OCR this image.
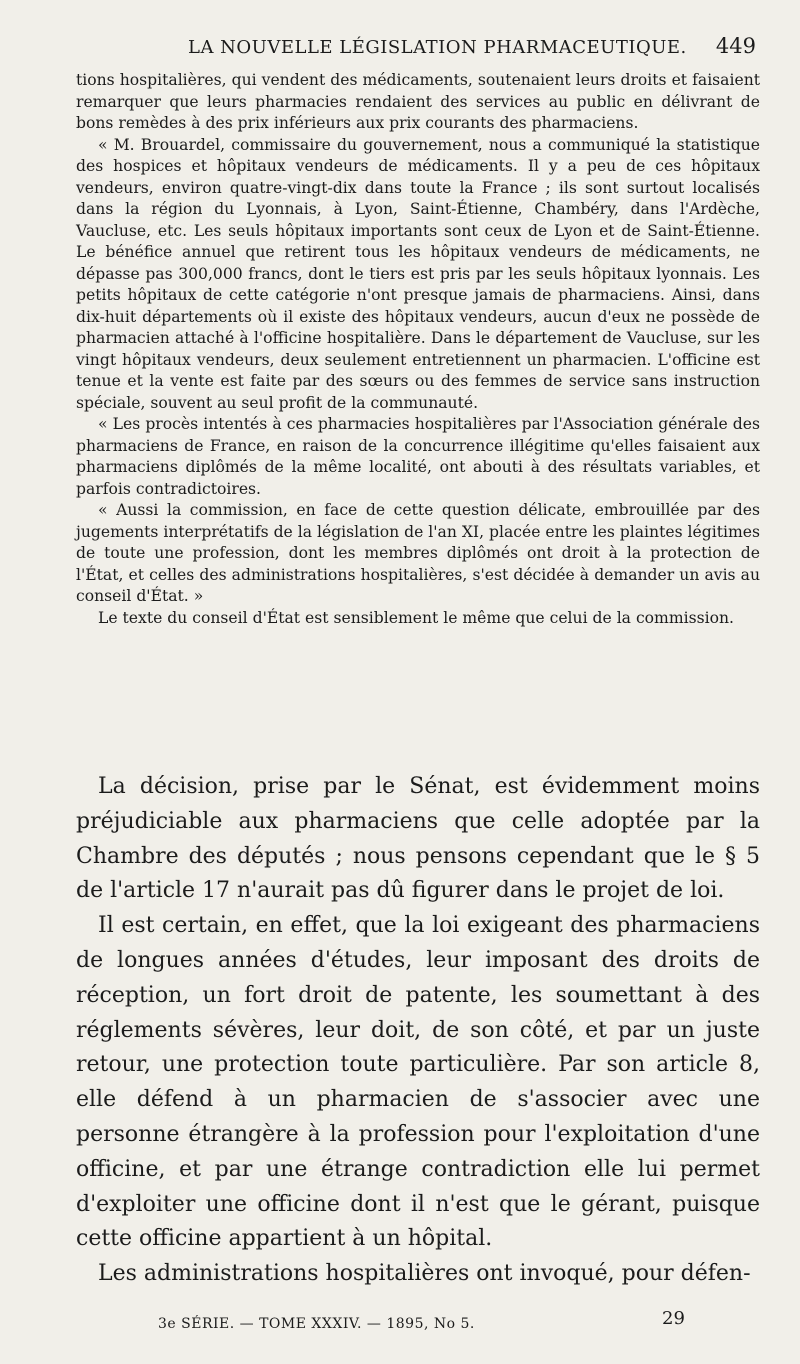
LA NOUVELLE LÉGISLATION PHARMACEUTIQUE. 449

tions hospitalières, qui vendent des médicaments, soutenaient leurs droits et faisaient remarquer que leurs pharmacies rendaient des services au public en délivrant de bons remèdes à des prix inférieurs aux prix courants des pharmaciens.

« M. Brouardel, commissaire du gouvernement, nous a communiqué la statistique des hospices et hôpitaux vendeurs de médicaments. Il y a peu de ces hôpitaux vendeurs, environ quatre-vingt-dix dans toute la France ; ils sont surtout localisés dans la région du Lyonnais, à Lyon, Saint-Étienne, Chambéry, dans l'Ardèche, Vaucluse, etc. Les seuls hôpitaux importants sont ceux de Lyon et de Saint-Étienne. Le bénéfice annuel que retirent tous les hôpitaux vendeurs de médicaments, ne dépasse pas 300,000 francs, dont le tiers est pris par les seuls hôpitaux lyonnais. Les petits hôpitaux de cette catégorie n'ont presque jamais de pharmaciens. Ainsi, dans dix-huit départements où il existe des hôpitaux vendeurs, aucun d'eux ne possède de pharmacien attaché à l'officine hospitalière. Dans le département de Vaucluse, sur les vingt hôpitaux vendeurs, deux seulement entretiennent un pharmacien. L'officine est tenue et la vente est faite par des sœurs ou des femmes de service sans instruction spéciale, souvent au seul profit de la communauté.

« Les procès intentés à ces pharmacies hospitalières par l'Association générale des pharmaciens de France, en raison de la concurrence illégitime qu'elles faisaient aux pharmaciens diplômés de la même localité, ont abouti à des résultats variables, et parfois contradictoires.

« Aussi la commission, en face de cette question délicate, embrouillée par des jugements interprétatifs de la législation de l'an XI, placée entre les plaintes légitimes de toute une profession, dont les membres diplômés ont droit à la protection de l'État, et celles des administrations hospitalières, s'est décidée à demander un avis au conseil d'État. »

Le texte du conseil d'État est sensiblement le même que celui de la commission.

La décision, prise par le Sénat, est évidemment moins préjudiciable aux pharmaciens que celle adoptée par la Chambre des députés ; nous pensons cependant que le § 5 de l'article 17 n'aurait pas dû figurer dans le projet de loi.

Il est certain, en effet, que la loi exigeant des pharmaciens de longues années d'études, leur imposant des droits de réception, un fort droit de patente, les soumettant à des réglements sévères, leur doit, de son côté, et par un juste retour, une protection toute particulière. Par son article 8, elle défend à un pharmacien de s'associer avec une personne étrangère à la profession pour l'exploitation d'une officine, et par une étrange contradiction elle lui permet d'exploiter une officine dont il n'est que le gérant, puisque cette officine appartient à un hôpital.

Les administrations hospitalières ont invoqué, pour défen-

3e SÉRIE. — TOME XXXIV. — 1895, No 5.	29
